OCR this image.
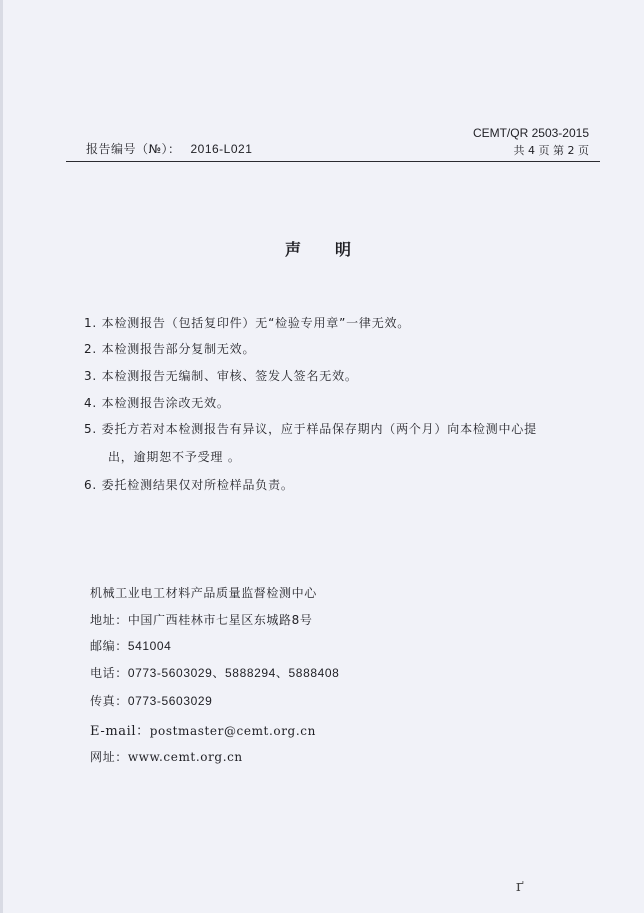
报告编号（№）： 2016-L021
CEMT/QR 2503-2015
共 4 页 第 2 页
声明
1. 本检测报告（包括复印件）无“检验专用章”一律无效。
2. 本检测报告部分复制无效。
3. 本检测报告无编制、审核、签发人签名无效。
4. 本检测报告涂改无效。
5. 委托方若对本检测报告有异议，应于样品保存期内（两个月）向本检测中心提
出，逾期恕不予受理 。
6. 委托检测结果仅对所检样品负责。
机械工业电工材料产品质量监督检测中心
地址：中国广西桂林市七星区东城路8号
邮编：541004
电话：0773-5603029、5888294、5888408
传真：0773-5603029
E-mail：postmaster@cemt.org.cn
网址：www.cemt.org.cn
ґ
